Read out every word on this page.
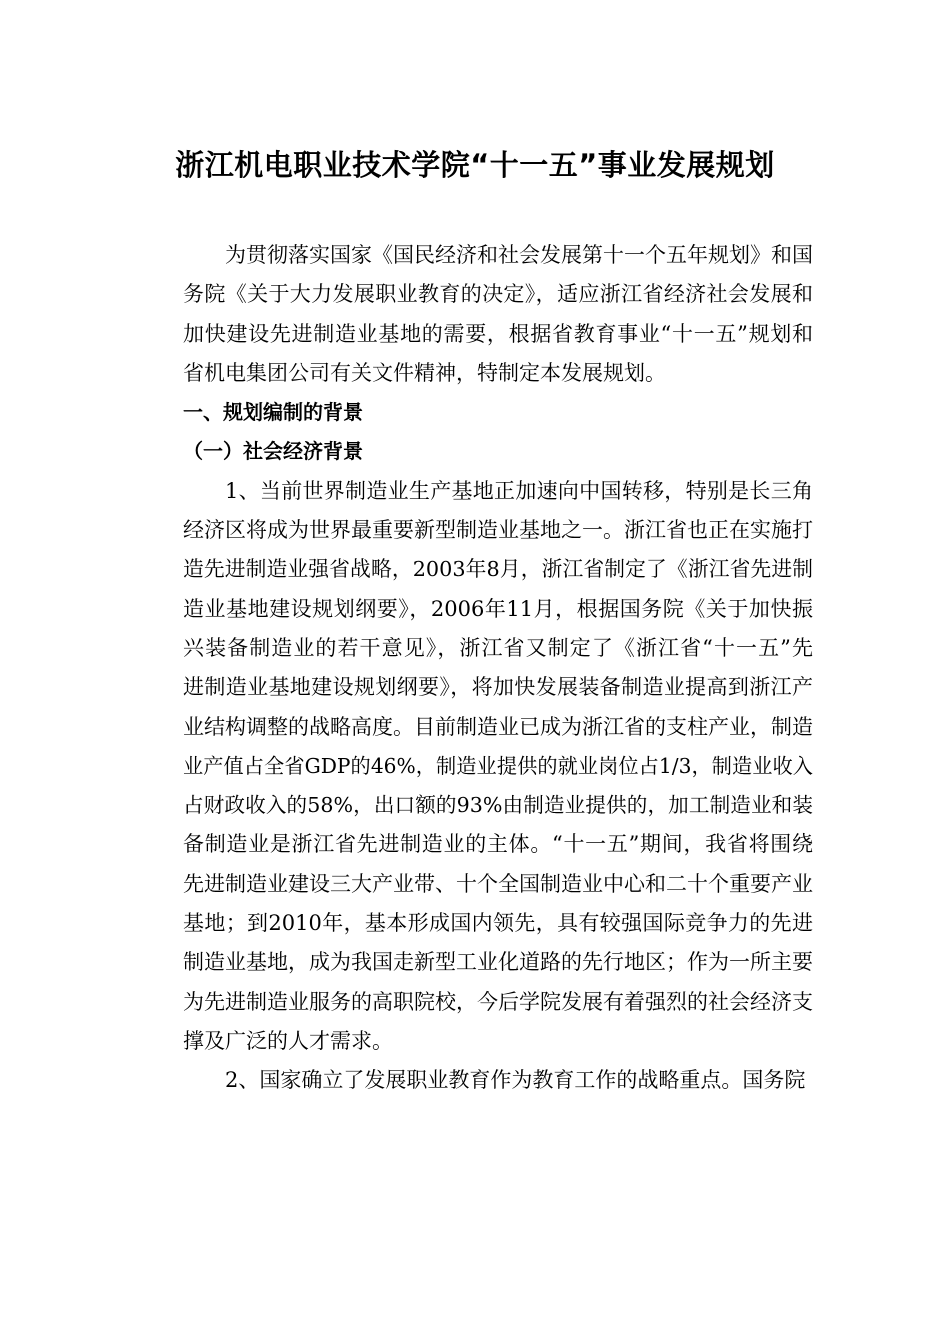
浙江机电职业技术学院“十一五”事业发展规划
为贯彻落实国家《国民经济和社会发展第十一个五年规划》和国
务院《关于大力发展职业教育的决定》，适应浙江省经济社会发展和
加快建设先进制造业基地的需要，根据省教育事业“十一五”规划和
省机电集团公司有关文件精神，特制定本发展规划。
一、规划编制的背景
（一）社会经济背景
1、当前世界制造业生产基地正加速向中国转移，特别是长三角
经济区将成为世界最重要新型制造业基地之一。浙江省也正在实施打
造先进制造业强省战略，2003年8月，浙江省制定了《浙江省先进制
造业基地建设规划纲要》，2006年11月，根据国务院《关于加快振
兴装备制造业的若干意见》，浙江省又制定了《浙江省“十一五”先
进制造业基地建设规划纲要》，将加快发展装备制造业提高到浙江产
业结构调整的战略高度。目前制造业已成为浙江省的支柱产业，制造
业产值占全省GDP的46%，制造业提供的就业岗位占1/3，制造业收入
占财政收入的58%，出口额的93%由制造业提供的，加工制造业和装
备制造业是浙江省先进制造业的主体。“十一五”期间，我省将围绕
先进制造业建设三大产业带、十个全国制造业中心和二十个重要产业
基地；到2010年，基本形成国内领先，具有较强国际竞争力的先进
制造业基地，成为我国走新型工业化道路的先行地区；作为一所主要
为先进制造业服务的高职院校，今后学院发展有着强烈的社会经济支
撑及广泛的人才需求。
2、国家确立了发展职业教育作为教育工作的战略重点。国务院
